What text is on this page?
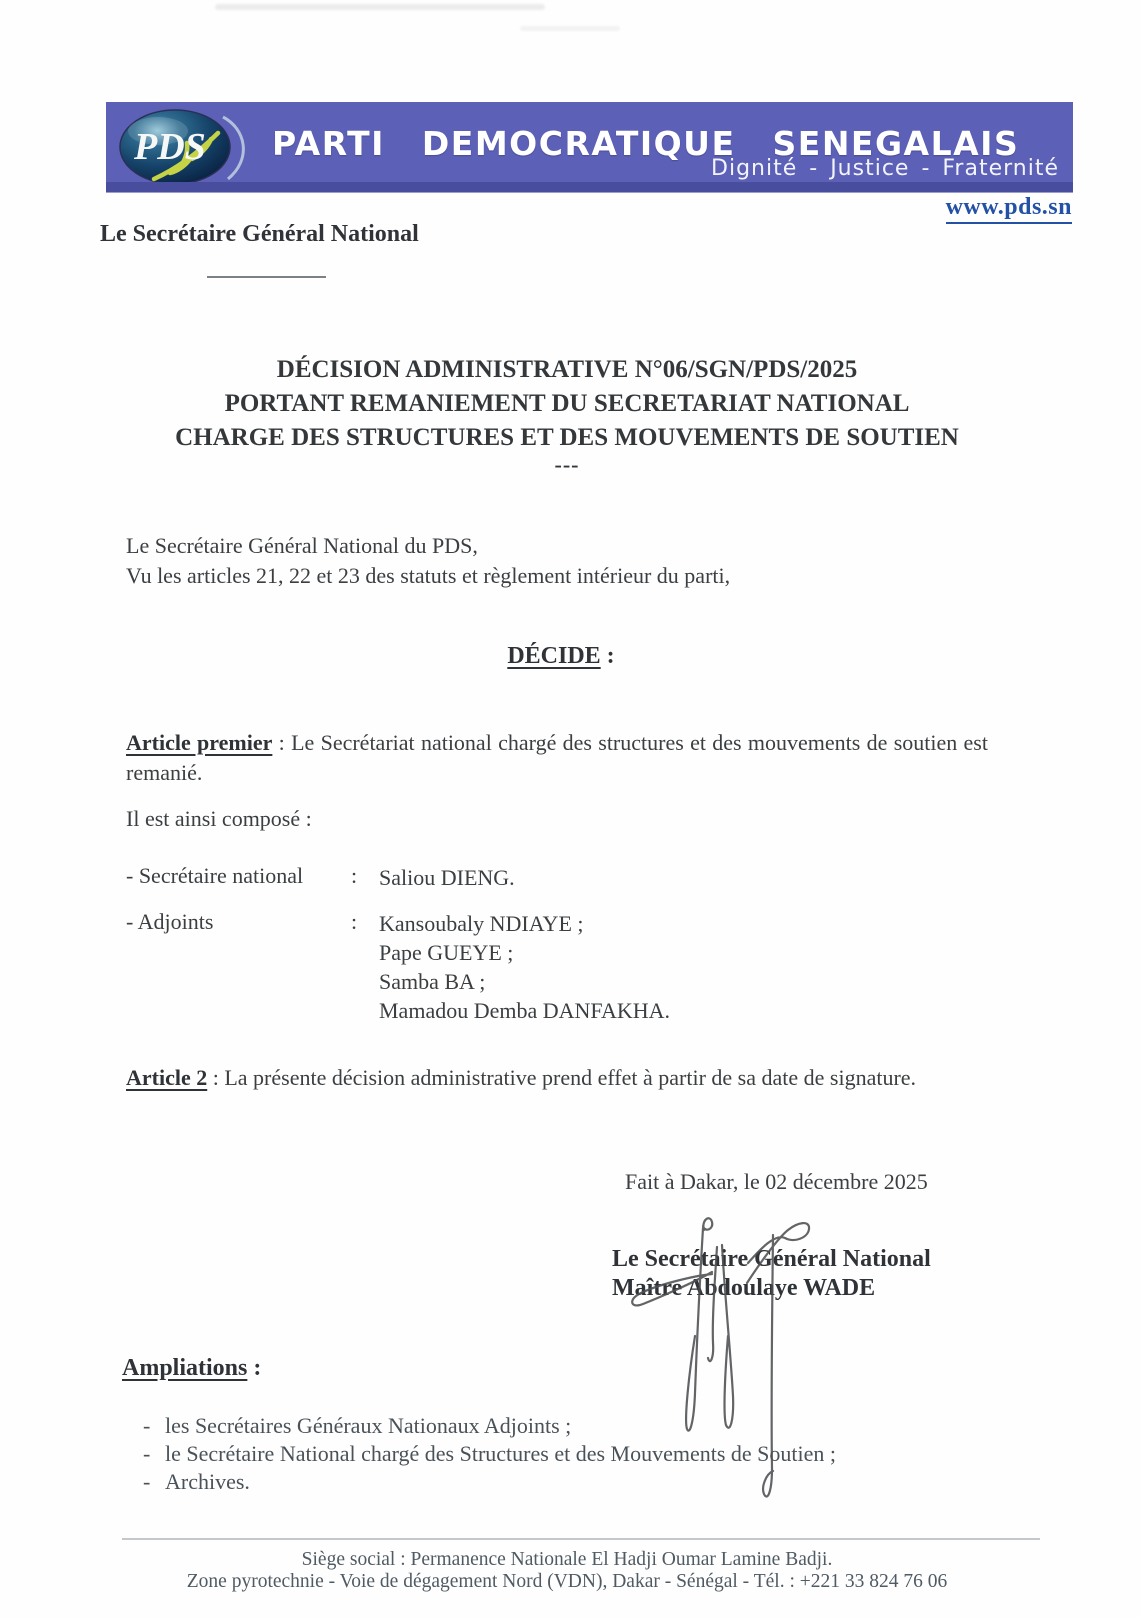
PDS PARTI DEMOCRATIQUE SENEGALAIS
Dignité - Justice - Fraternité
www.pds.sn
Le Secrétaire Général National
DÉCISION ADMINISTRATIVE N°06/SGN/PDS/2025
PORTANT REMANIEMENT DU SECRETARIAT NATIONAL
CHARGE DES STRUCTURES ET DES MOUVEMENTS DE SOUTIEN
---
Le Secrétaire Général National du PDS,
Vu les articles 21, 22 et 23 des statuts et règlement intérieur du parti,
DÉCIDE :
Article premier : Le Secrétariat national chargé des structures et des mouvements de soutien est remanié.
Il est ainsi composé :
- Secrétaire national	: Saliou DIENG.
- Adjoints	: Kansoubaly NDIAYE ;
Pape GUEYE ;
Samba BA ;
Mamadou Demba DANFAKHA.
Article 2 : La présente décision administrative prend effet à partir de sa date de signature.
Fait à Dakar, le 02 décembre 2025
Le Secrétaire Général National
Maître Abdoulaye WADE
Ampliations :
- les Secrétaires Généraux Nationaux Adjoints ;
- le Secrétaire National chargé des Structures et des Mouvements de Soutien ;
- Archives.
Siège social : Permanence Nationale El Hadji Oumar Lamine Badji.
Zone pyrotechnie - Voie de dégagement Nord (VDN), Dakar - Sénégal - Tél. : +221 33 824 76 06
